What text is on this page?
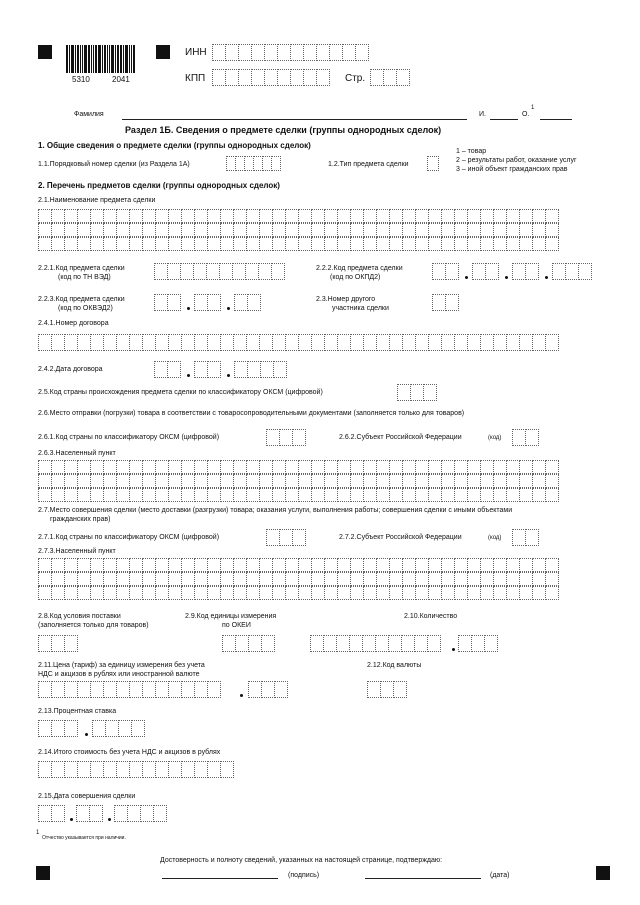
5310	2041
ИНН
КПП	Стр.
Фамилия	И.	О.
1
Раздел 1Б. Сведения о предмете сделки (группы однородных сделок)
1. Общие сведения о предмете сделки (группы однородных сделок)
1.1.Порядковый номер сделки (из Раздела 1А)	1.2.Тип предмета сделки
1 – товар
2 – результаты работ, оказание услуг
3 – иной объект гражданских прав
2. Перечень предметов сделки (группы однородных сделок)
2.1.Наименование предмета сделки
2.2.1.Код предмета сделки
(код по ТН ВЭД)
2.2.2.Код предмета сделки
(код по ОКПД2)
2.2.3.Код предмета сделки
(код по ОКВЭД2)
2.3.Номер другого
участника сделки
2.4.1.Номер договора
2.4.2.Дата договора
2.5.Код страны происхождения предмета сделки по классификатору ОКСМ (цифровой)
2.6.Место отправки (погрузки) товара в соответствии с товаросопроводительными документами (заполняется только для товаров)
2.6.1.Код страны по классификатору ОКСМ (цифровой)	2.6.2.Субъект Российской Федерации	(код)
2.6.3.Населенный пункт
2.7.Место совершения сделки (место доставки (разгрузки) товара; оказания услуги, выполнения работы; совершения сделки с иными объектами
гражданских прав)
2.7.1.Код страны по классификатору ОКСМ (цифровой)	2.7.2.Субъект Российской Федерации	(код)
2.7.3.Населенный пункт
2.8.Код условия поставки
(заполняется только для товаров)
2.9.Код единицы измерения
по ОКЕИ
2.10.Количество
2.11.Цена (тариф) за единицу измерения без учета
НДС и акцизов в рублях или иностранной валюте
2.12.Код валюты
2.13.Процентная ставка
2.14.Итого стоимость без учета НДС и акцизов в рублях
2.15.Дата совершения сделки
1
Отчество указывается при наличии.
Достоверность и полноту сведений, указанных на настоящей странице, подтверждаю:
(подпись)	(дата)
